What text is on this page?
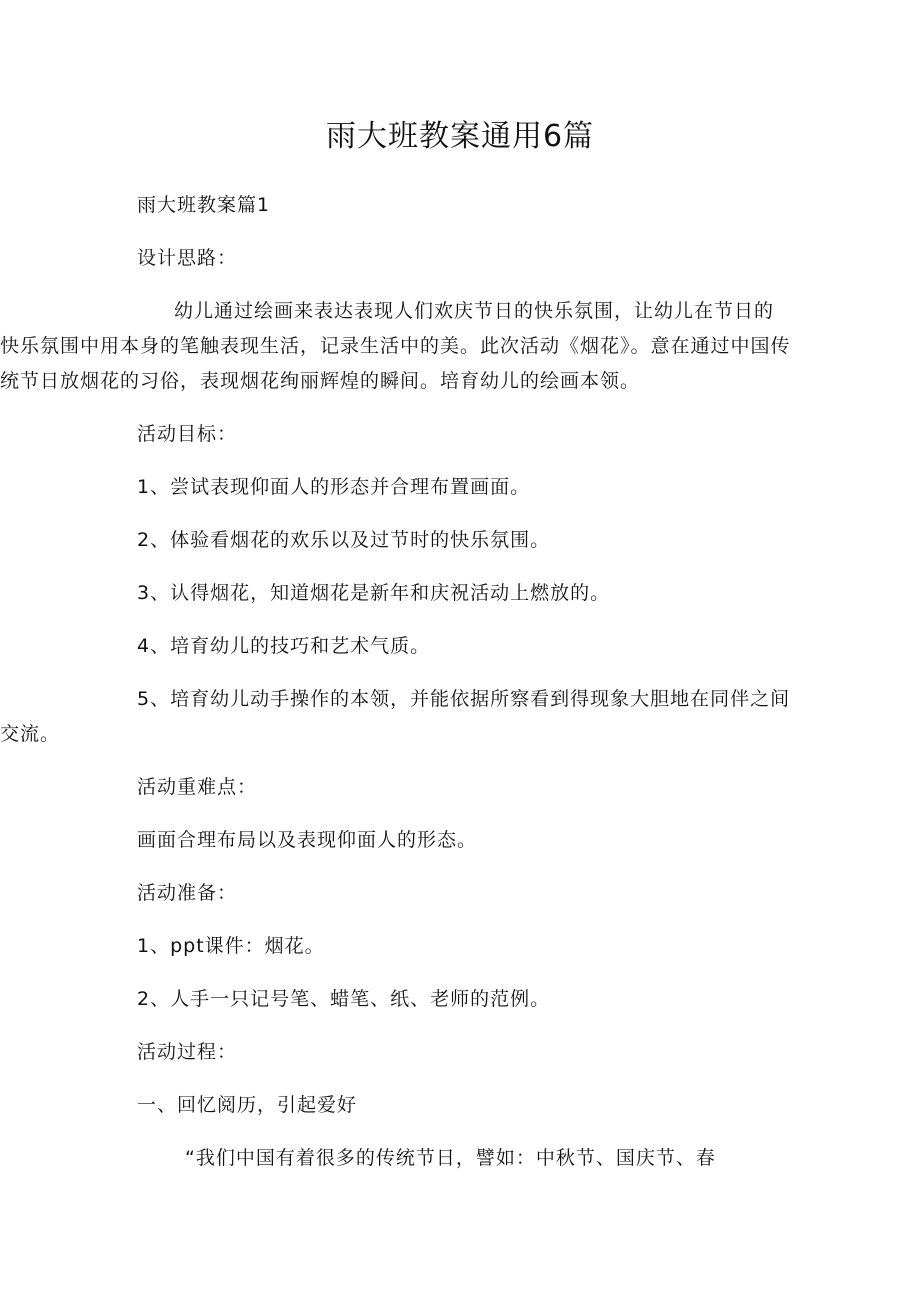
雨大班教案通用6篇

雨大班教案篇1

设计思路：

幼儿通过绘画来表达表现人们欢庆节日的快乐氛围，让幼儿在节日的快乐氛围中用本身的笔触表现生活，记录生活中的美。此次活动《烟花》。意在通过中国传统节日放烟花的习俗，表现烟花绚丽辉煌的瞬间。培育幼儿的绘画本领。

活动目标：

1、尝试表现仰面人的形态并合理布置画面。

2、体验看烟花的欢乐以及过节时的快乐氛围。

3、认得烟花，知道烟花是新年和庆祝活动上燃放的。

4、培育幼儿的技巧和艺术气质。

5、培育幼儿动手操作的本领，并能依据所察看到得现象大胆地在同伴之间交流。

活动重难点：

画面合理布局以及表现仰面人的形态。

活动准备：

1、ppt课件：烟花。

2、人手一只记号笔、蜡笔、纸、老师的范例。

活动过程：

一、回忆阅历，引起爱好

“我们中国有着很多的传统节日，譬如：中秋节、国庆节、春
